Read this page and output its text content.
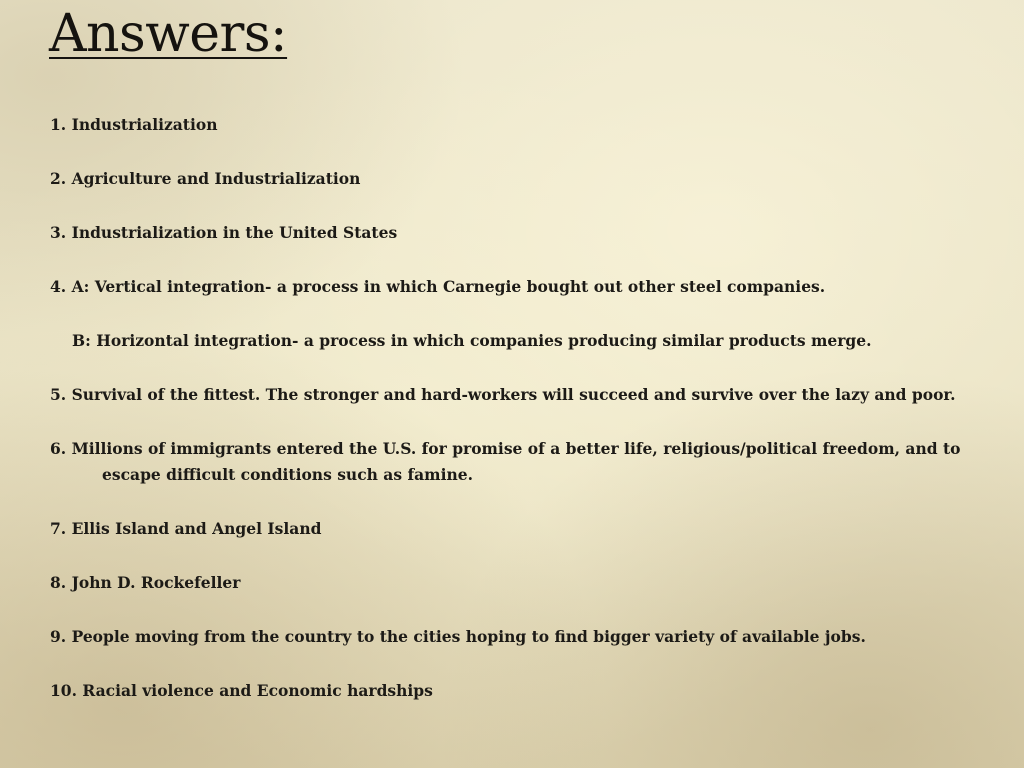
Answers:
1. Industrialization
2. Agriculture and Industrialization
3. Industrialization in the United States
4. A: Vertical integration- a process in which Carnegie bought out other steel companies.
B: Horizontal integration- a process in which companies producing similar products merge.
5. Survival of the fittest. The stronger and hard-workers will succeed and survive over the lazy and poor.
6. Millions of immigrants entered the U.S. for promise of a better life, religious/political freedom, and to
escape difficult conditions such as famine.
7. Ellis Island and Angel Island
8. John D. Rockefeller
9. People moving from the country to the cities hoping to find bigger variety of available jobs.
10. Racial violence and Economic hardships
